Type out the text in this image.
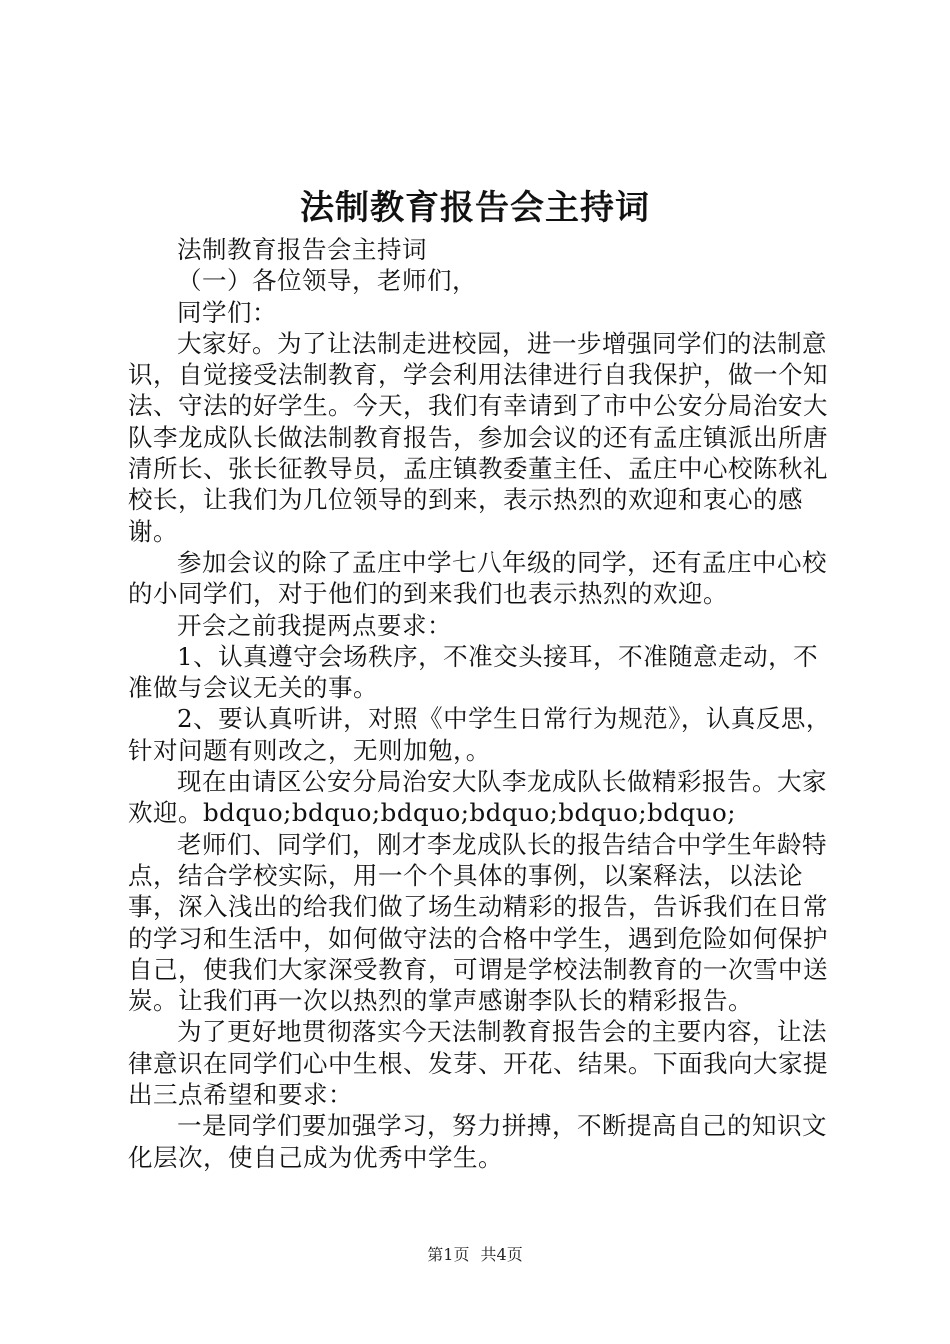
法制教育报告会主持词

法制教育报告会主持词

（一）各位领导，老师们，

同学们：

大家好。为了让法制走进校园，进一步增强同学们的法制意识，自觉接受法制教育，学会利用法律进行自我保护，做一个知法、守法的好学生。今天，我们有幸请到了市中公安分局治安大队李龙成队长做法制教育报告，参加会议的还有孟庄镇派出所唐清所长、张长征教导员，孟庄镇教委董主任、孟庄中心校陈秋礼校长，让我们为几位领导的到来，表示热烈的欢迎和衷心的感谢。

参加会议的除了孟庄中学七八年级的同学，还有孟庄中心校的小同学们，对于他们的到来我们也表示热烈的欢迎。

开会之前我提两点要求：

1、认真遵守会场秩序，不准交头接耳，不准随意走动，不准做与会议无关的事。

2、要认真听讲，对照《中学生日常行为规范》，认真反思，针对问题有则改之，无则加勉，。

现在由请区公安分局治安大队李龙成队长做精彩报告。大家欢迎。bdquo;bdquo;bdquo;bdquo;bdquo;bdquo;

老师们、同学们，刚才李龙成队长的报告结合中学生年龄特点，结合学校实际，用一个个具体的事例，以案释法，以法论事，深入浅出的给我们做了场生动精彩的报告，告诉我们在日常的学习和生活中，如何做守法的合格中学生，遇到危险如何保护自己，使我们大家深受教育，可谓是学校法制教育的一次雪中送炭。让我们再一次以热烈的掌声感谢李队长的精彩报告。

为了更好地贯彻落实今天法制教育报告会的主要内容，让法律意识在同学们心中生根、发芽、开花、结果。下面我向大家提出三点希望和要求：

一是同学们要加强学习，努力拼搏，不断提高自己的知识文化层次，使自己成为优秀中学生。

第1页 共4页
